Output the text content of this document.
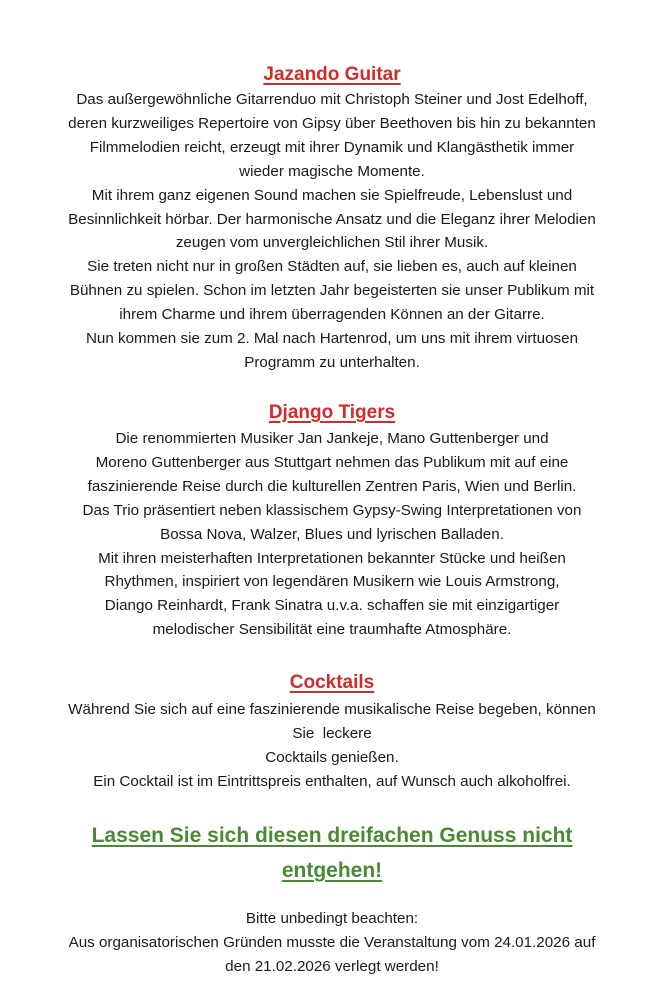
Jazando Guitar

Das außergewöhnliche Gitarrenduo mit Christoph Steiner und Jost Edelhoff,
deren kurzweiliges Repertoire von Gipsy über Beethoven bis hin zu bekannten
Filmmelodien reicht, erzeugt mit ihrer Dynamik und Klangästhetik immer
wieder magische Momente.
Mit ihrem ganz eigenen Sound machen sie Spielfreude, Lebenslust und
Besinnlichkeit hörbar. Der harmonische Ansatz und die Eleganz ihrer Melodien
zeugen vom unvergleichlichen Stil ihrer Musik.
Sie treten nicht nur in großen Städten auf, sie lieben es, auch auf kleinen
Bühnen zu spielen. Schon im letzten Jahr begeisterten sie unser Publikum mit
ihrem Charme und ihrem überragenden Können an der Gitarre.
Nun kommen sie zum 2. Mal nach Hartenrod, um uns mit ihrem virtuosen
Programm zu unterhalten.

Django Tigers

Die renommierten Musiker Jan Jankeje, Mano Guttenberger und
Moreno Guttenberger aus Stuttgart nehmen das Publikum mit auf eine
faszinierende Reise durch die kulturellen Zentren Paris, Wien und Berlin.
Das Trio präsentiert neben klassischem Gypsy-Swing Interpretationen von
Bossa Nova, Walzer, Blues und lyrischen Balladen.
Mit ihren meisterhaften Interpretationen bekannter Stücke und heißen
Rhythmen, inspiriert von legendären Musikern wie Louis Armstrong,
Diango Reinhardt, Frank Sinatra u.v.a. schaffen sie mit einzigartiger
melodischer Sensibilität eine traumhafte Atmosphäre.

Cocktails

Während Sie sich auf eine faszinierende musikalische Reise begeben, können
Sie  leckere
Cocktails genießen.
Ein Cocktail ist im Eintrittspreis enthalten, auf Wunsch auch alkoholfrei.

Lassen Sie sich diesen dreifachen Genuss nicht
entgehen!

Bitte unbedingt beachten:
Aus organisatorischen Gründen musste die Veranstaltung vom 24.01.2026 auf
den 21.02.2026 verlegt werden!
